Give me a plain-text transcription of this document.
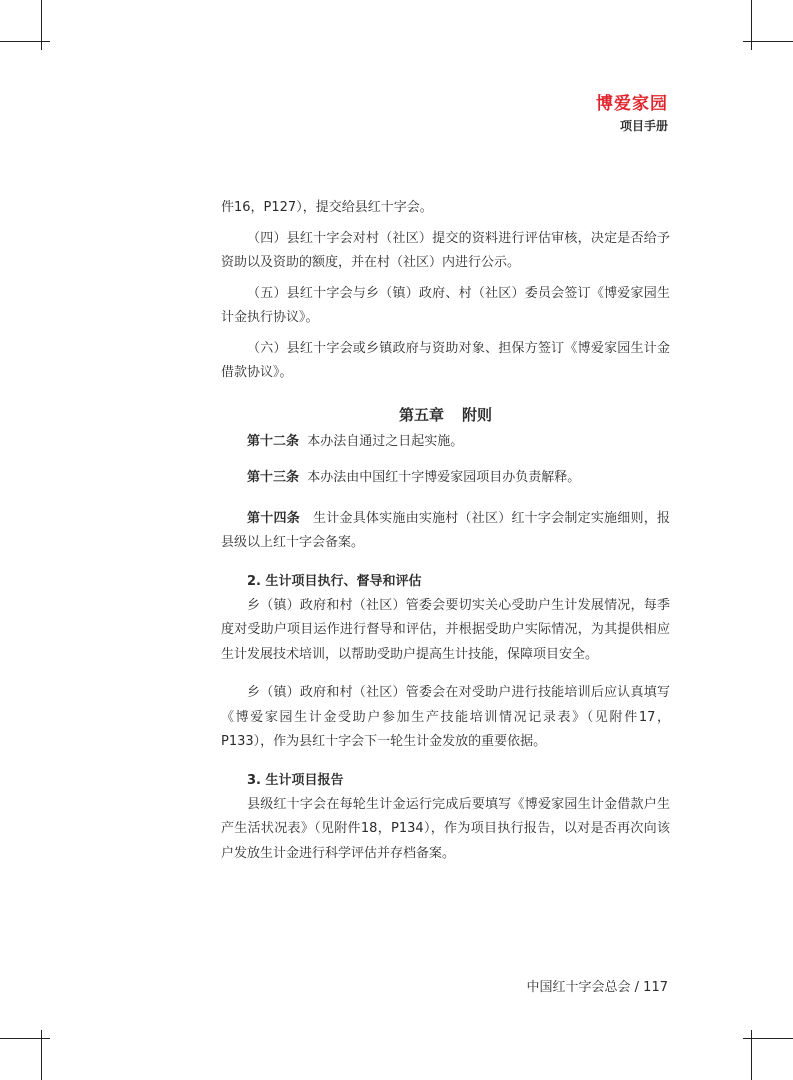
博爱家园
项目手册

件16，P127），提交给县红十字会。

（四）县红十字会对村（社区）提交的资料进行评估审核，决定是否给予资助以及资助的额度，并在村（社区）内进行公示。

（五）县红十字会与乡（镇）政府、村（社区）委员会签订《博爱家园生计金执行协议》。

（六）县红十字会或乡镇政府与资助对象、担保方签订《博爱家园生计金借款协议》。

第五章 附则

第十二条 本办法自通过之日起实施。

第十三条 本办法由中国红十字博爱家园项目办负责解释。

第十四条 生计金具体实施由实施村（社区）红十字会制定实施细则，报县级以上红十字会备案。

2. 生计项目执行、督导和评估

乡（镇）政府和村（社区）管委会要切实关心受助户生计发展情况，每季度对受助户项目运作进行督导和评估，并根据受助户实际情况，为其提供相应生计发展技术培训，以帮助受助户提高生计技能，保障项目安全。

乡（镇）政府和村（社区）管委会在对受助户进行技能培训后应认真填写《博爱家园生计金受助户参加生产技能培训情况记录表》（见附件17，P133），作为县红十字会下一轮生计金发放的重要依据。

3. 生计项目报告

县级红十字会在每轮生计金运行完成后要填写《博爱家园生计金借款户生产生活状况表》（见附件18，P134），作为项目执行报告，以对是否再次向该户发放生计金进行科学评估并存档备案。

中国红十字会总会 / 117
